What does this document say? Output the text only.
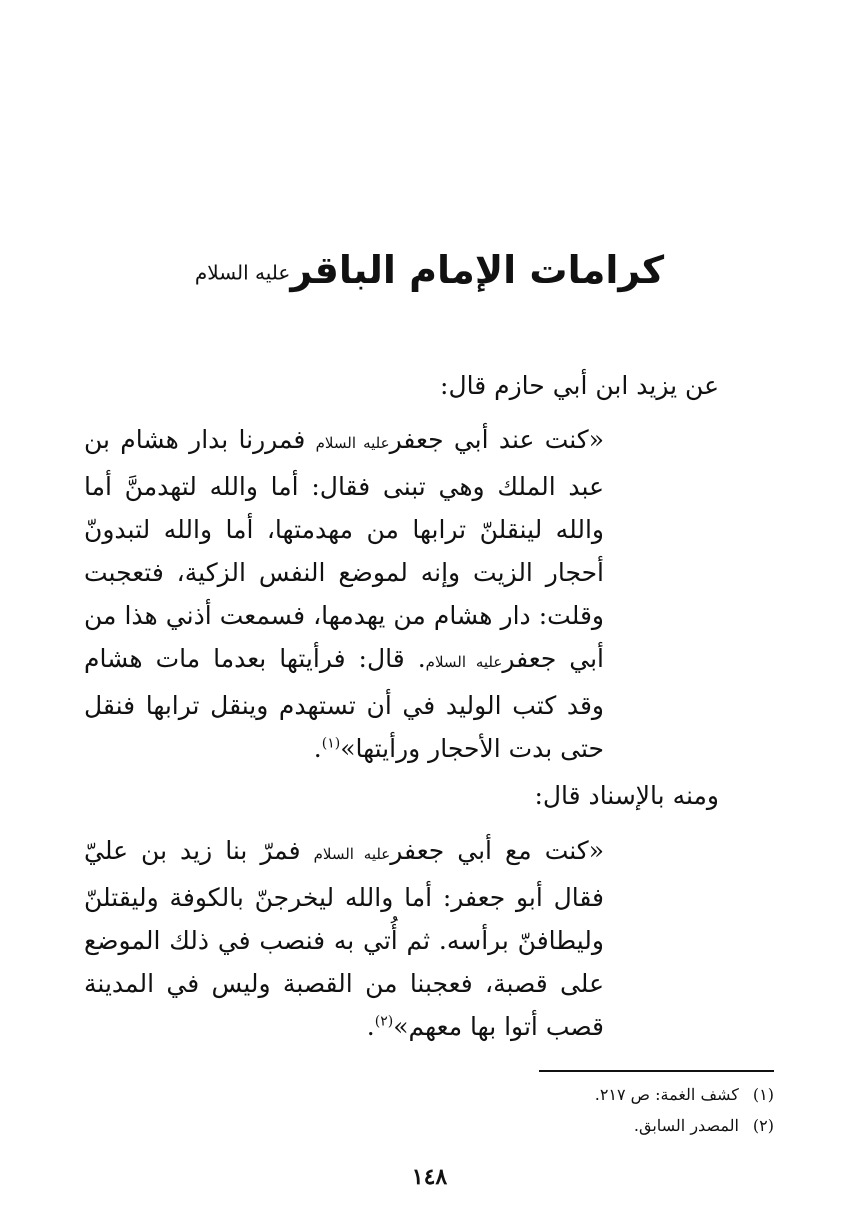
كرامات الإمام الباقرعليه السلام
عن يزيد ابن أبي حازم قال:
«كنت عند أبي جعفرعليه السلام فمررنا بدار هشام بن عبد الملك وهي تبنى فقال: أما والله لتهدمنَّ أما والله لينقلنّ ترابها من مهدمتها، أما والله لتبدونّ أحجار الزيت وإنه لموضع النفس الزكية، فتعجبت وقلت: دار هشام من يهدمها، فسمعت أذني هذا من أبي جعفرعليه السلام. قال: فرأيتها بعدما مات هشام وقد كتب الوليد في أن تستهدم وينقل ترابها فنقل حتى بدت الأحجار ورأيتها»$^{(١)}$.
ومنه بالإسناد قال:
«كنت مع أبي جعفرعليه السلام فمرّ بنا زيد بن عليّ فقال أبو جعفر: أما والله ليخرجنّ بالكوفة وليقتلنّ وليطافنّ برأسه. ثم أُتي به فنصب في ذلك الموضع على قصبة، فعجبنا من القصبة وليس في المدينة قصب أتوا بها معهم»$^{(٢)}$.
(١)كشف الغمة: ص ٢١٧.
(٢)المصدر السابق.
١٤٨
